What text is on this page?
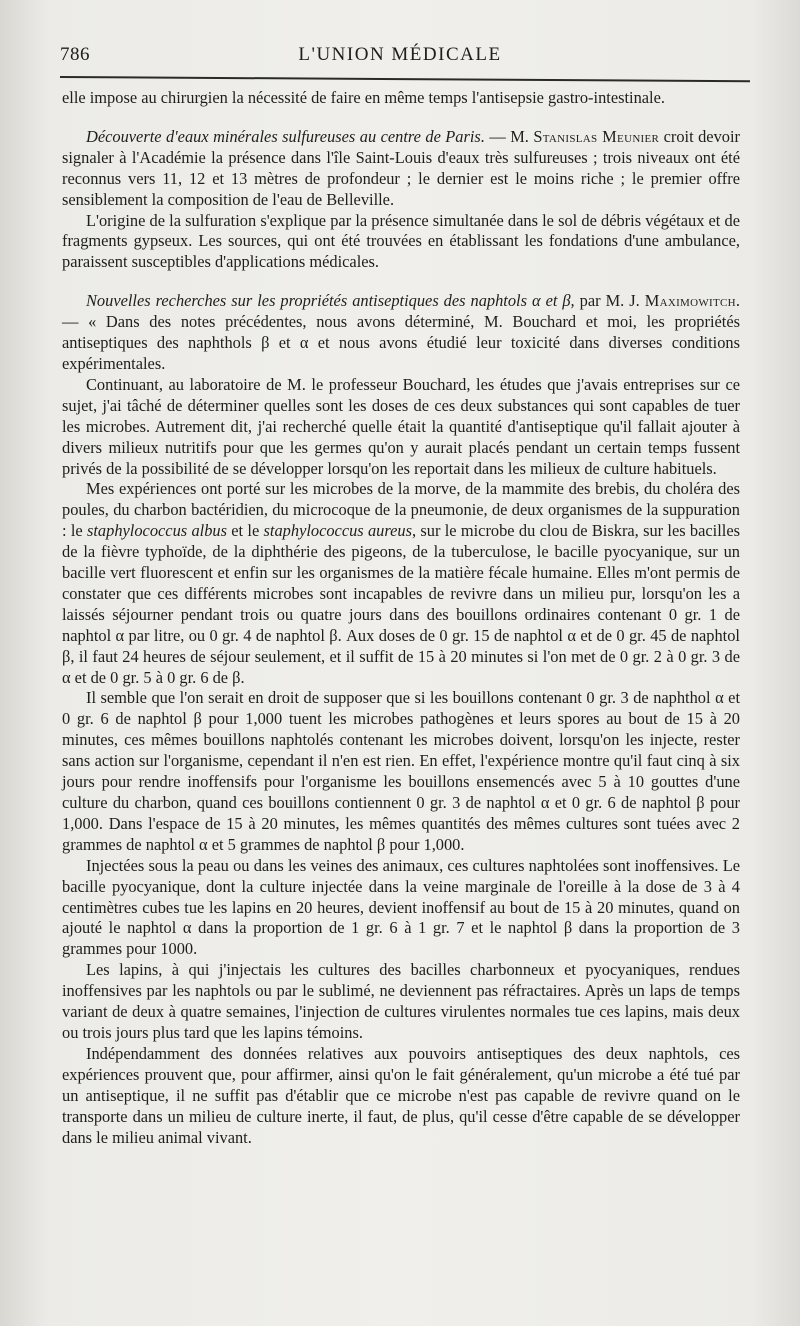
786	L'UNION MÉDICALE

elle impose au chirurgien la nécessité de faire en même temps l'antisepsie gastro-intestinale.

Découverte d'eaux minérales sulfureuses au centre de Paris. — M. Stanislas Meunier croit devoir signaler à l'Académie la présence dans l'île Saint-Louis d'eaux très sulfureuses ; trois niveaux ont été reconnus vers 11, 12 et 13 mètres de profondeur ; le dernier est le moins riche ; le premier offre sensiblement la composition de l'eau de Belleville.

L'origine de la sulfuration s'explique par la présence simultanée dans le sol de débris végétaux et de fragments gypseux. Les sources, qui ont été trouvées en établissant les fondations d'une ambulance, paraissent susceptibles d'applications médicales.

Nouvelles recherches sur les propriétés antiseptiques des naphtols α et β, par M. J. Maximowitch. — « Dans des notes précédentes, nous avons déterminé, M. Bouchard et moi, les propriétés antiseptiques des naphthols β et α et nous avons étudié leur toxicité dans diverses conditions expérimentales.

Continuant, au laboratoire de M. le professeur Bouchard, les études que j'avais entreprises sur ce sujet, j'ai tâché de déterminer quelles sont les doses de ces deux substances qui sont capables de tuer les microbes. Autrement dit, j'ai recherché quelle était la quantité d'antiseptique qu'il fallait ajouter à divers milieux nutritifs pour que les germes qu'on y aurait placés pendant un certain temps fussent privés de la possibilité de se développer lorsqu'on les reportait dans les milieux de culture habituels.

Mes expériences ont porté sur les microbes de la morve, de la mammite des brebis, du choléra des poules, du charbon bactéridien, du microcoque de la pneumonie, de deux organismes de la suppuration : le staphylococcus albus et le staphylococcus aureus, sur le microbe du clou de Biskra, sur les bacilles de la fièvre typhoïde, de la diphthérie des pigeons, de la tuberculose, le bacille pyocyanique, sur un bacille vert fluorescent et enfin sur les organismes de la matière fécale humaine. Elles m'ont permis de constater que ces différents microbes sont incapables de revivre dans un milieu pur, lorsqu'on les a laissés séjourner pendant trois ou quatre jours dans des bouillons ordinaires contenant 0 gr. 1 de naphtol α par litre, ou 0 gr. 4 de naphtol β. Aux doses de 0 gr. 15 de naphtol α et de 0 gr. 45 de naphtol β, il faut 24 heures de séjour seulement, et il suffit de 15 à 20 minutes si l'on met de 0 gr. 2 à 0 gr. 3 de α et de 0 gr. 5 à 0 gr. 6 de β.

Il semble que l'on serait en droit de supposer que si les bouillons contenant 0 gr. 3 de naphthol α et 0 gr. 6 de naphtol β pour 1,000 tuent les microbes pathogènes et leurs spores au bout de 15 à 20 minutes, ces mêmes bouillons naphtolés contenant les microbes doivent, lorsqu'on les injecte, rester sans action sur l'organisme, cependant il n'en est rien. En effet, l'expérience montre qu'il faut cinq à six jours pour rendre inoffensifs pour l'organisme les bouillons ensemencés avec 5 à 10 gouttes d'une culture du charbon, quand ces bouillons contiennent 0 gr. 3 de naphtol α et 0 gr. 6 de naphtol β pour 1,000. Dans l'espace de 15 à 20 minutes, les mêmes quantités des mêmes cultures sont tuées avec 2 grammes de naphtol α et 5 grammes de naphtol β pour 1,000.

Injectées sous la peau ou dans les veines des animaux, ces cultures naphtolées sont inoffensives. Le bacille pyocyanique, dont la culture injectée dans la veine marginale de l'oreille à la dose de 3 à 4 centimètres cubes tue les lapins en 20 heures, devient inoffensif au bout de 15 à 20 minutes, quand on ajouté le naphtol α dans la proportion de 1 gr. 6 à 1 gr. 7 et le naphtol β dans la proportion de 3 grammes pour 1000.

Les lapins, à qui j'injectais les cultures des bacilles charbonneux et pyocyaniques, rendues inoffensives par les naphtols ou par le sublimé, ne deviennent pas réfractaires. Après un laps de temps variant de deux à quatre semaines, l'injection de cultures virulentes normales tue ces lapins, mais deux ou trois jours plus tard que les lapins témoins.

Indépendamment des données relatives aux pouvoirs antiseptiques des deux naphtols, ces expériences prouvent que, pour affirmer, ainsi qu'on le fait généralement, qu'un microbe a été tué par un antiseptique, il ne suffit pas d'établir que ce microbe n'est pas capable de revivre quand on le transporte dans un milieu de culture inerte, il faut, de plus, qu'il cesse d'être capable de se développer dans le milieu animal vivant.
